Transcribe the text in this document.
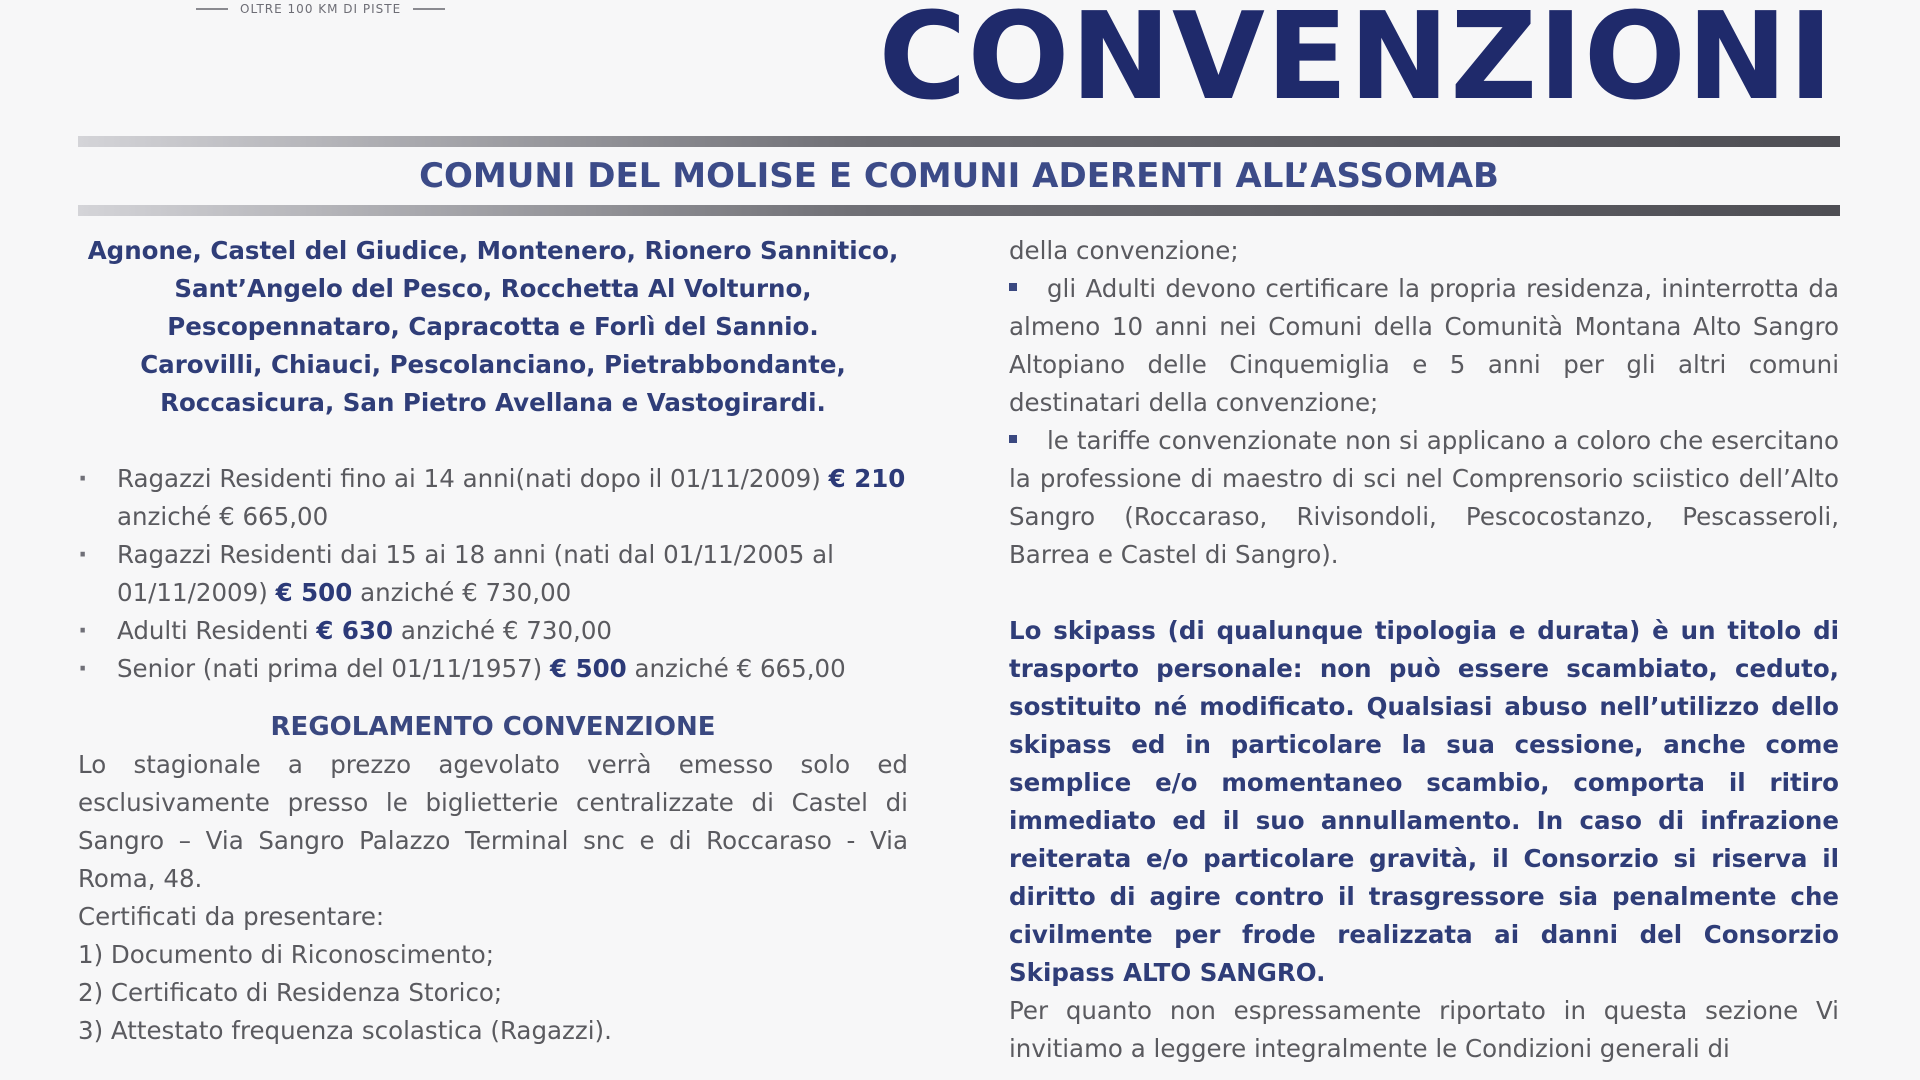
OLTRE 100 KM DI PISTE	CONVENZIONI
COMUNI DEL MOLISE E COMUNI ADERENTI ALL’ASSOMAB
Agnone, Castel del Giudice, Montenero, Rionero Sannitico,
Sant’Angelo del Pesco, Rocchetta Al Volturno,
Pescopennataro, Capracotta e Forlì del Sannio.
Carovilli, Chiauci, Pescolanciano, Pietrabbondante,
Roccasicura, San Pietro Avellana e Vastogirardi.
· Ragazzi Residenti fino ai 14 anni(nati dopo il 01/11/2009) € 210 anziché € 665,00
· Ragazzi Residenti dai 15 ai 18 anni (nati dal 01/11/2005 al 01/11/2009) € 500 anziché € 730,00
· Adulti Residenti € 630 anziché € 730,00
· Senior (nati prima del 01/11/1957) € 500 anziché € 665,00
REGOLAMENTO CONVENZIONE

Lo stagionale a prezzo agevolato verrà emesso solo ed esclusivamente presso le biglietterie centralizzate di Castel di Sangro – Via Sangro Palazzo Terminal snc e di Roccaraso - Via Roma, 48.

Certificati da presentare:

1) Documento di Riconoscimento;
2) Certificato di Residenza Storico;
3) Attestato frequenza scolastica (Ragazzi).

della convenzione;

gli Adulti devono certificare la propria residenza, ininterrotta da almeno 10 anni nei Comuni della Comunità Montana Alto Sangro Altopiano delle Cinquemiglia e 5 anni per gli altri comuni destinatari della convenzione;
le tariffe convenzionate non si applicano a coloro che esercitano la professione di maestro di sci nel Comprensorio sciistico dell’Alto Sangro (Roccaraso, Rivisondoli, Pescocostanzo, Pescasseroli, Barrea e Castel di Sangro).

Lo skipass (di qualunque tipologia e durata) è un titolo di trasporto personale: non può essere scambiato, ceduto, sostituito né modificato. Qualsiasi abuso nell’utilizzo dello skipass ed in particolare la sua cessione, anche come semplice e/o momentaneo scambio, comporta il ritiro immediato ed il suo annullamento. In caso di infrazione reiterata e/o particolare gravità, il Consorzio si riserva il diritto di agire contro il trasgressore sia penalmente che civilmente per frode realizzata ai danni del Consorzio Skipass ALTO SANGRO.

Per quanto non espressamente riportato in questa sezione Vi invitiamo a leggere integralmente le Condizioni generali di
